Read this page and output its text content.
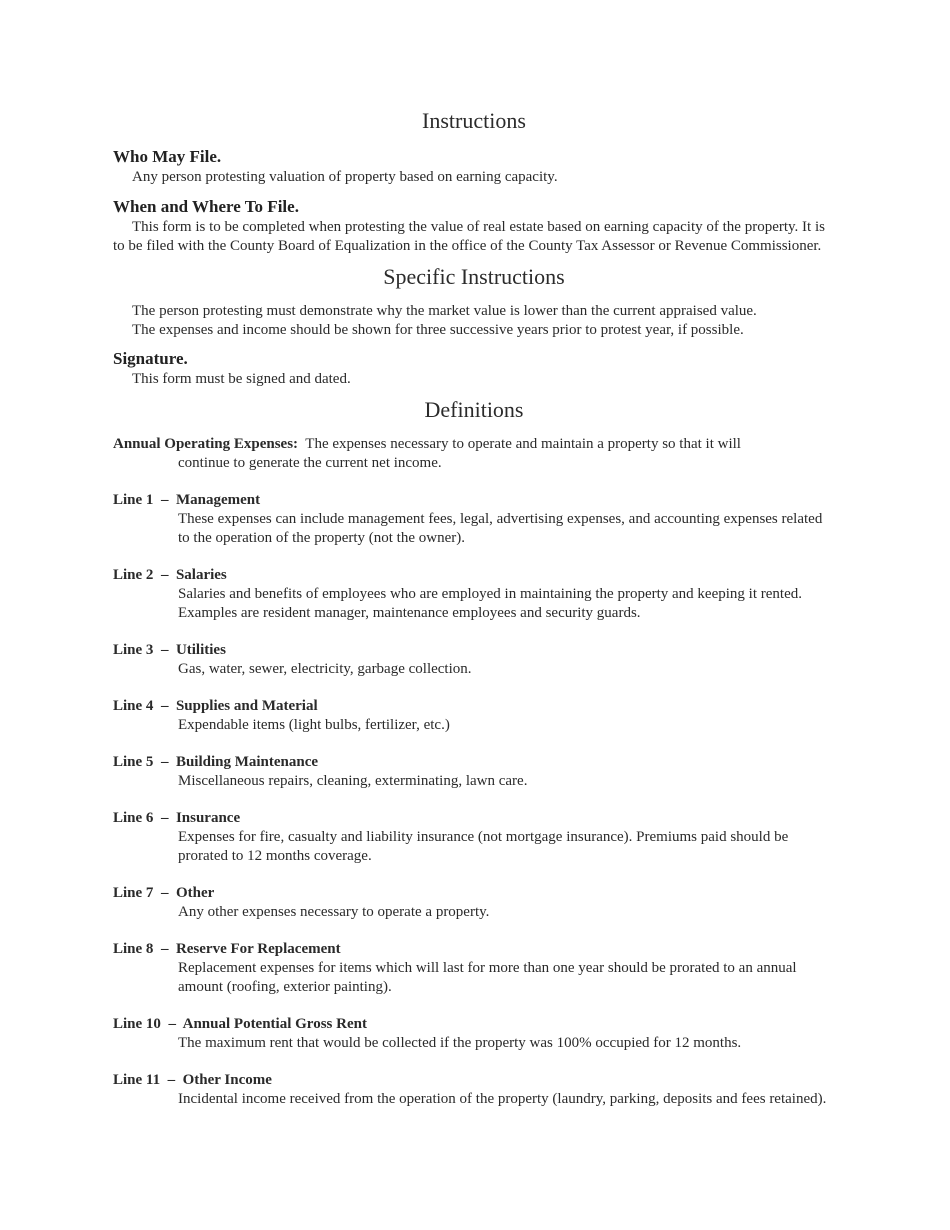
Instructions
Who May File.

Any person protesting valuation of property based on earning capacity.

When and Where To File.

This form is to be completed when protesting the value of real estate based on earning capacity of the property. It is to be filed with the County Board of Equalization in the office of the County Tax Assessor or Revenue Commissioner.

Specific Instructions

The person protesting must demonstrate why the market value is lower than the current appraised value.

The expenses and income should be shown for three successive years prior to protest year, if possible.

Signature.

This form must be signed and dated.

Definitions
Annual Operating Expenses: The expenses necessary to operate and maintain a property so that it will

continue to generate the current net income.

Line 1  –  Management

These expenses can include management fees, legal, advertising expenses, and accounting expenses related to the operation of the property (not the owner).

Line 2  –  Salaries

Salaries and benefits of employees who are employed in maintaining the property and keeping it rented. Examples are resident manager, maintenance employees and security guards.

Line 3  –  Utilities

Gas, water, sewer, electricity, garbage collection.

Line 4  –  Supplies and Material

Expendable items (light bulbs, fertilizer, etc.)

Line 5  –  Building Maintenance

Miscellaneous repairs, cleaning, exterminating, lawn care.

Line 6  –  Insurance

Expenses for fire, casualty and liability insurance (not mortgage insurance). Premiums paid should be prorated to 12 months coverage.

Line 7  –  Other

Any other expenses necessary to operate a property.

Line 8  –  Reserve For Replacement

Replacement expenses for items which will last for more than one year should be prorated to an annual amount (roofing, exterior painting).

Line 10  –  Annual Potential Gross Rent

The maximum rent that would be collected if the property was 100% occupied for 12 months.

Line 11  –  Other Income

Incidental income received from the operation of the property (laundry, parking, deposits and fees retained).
